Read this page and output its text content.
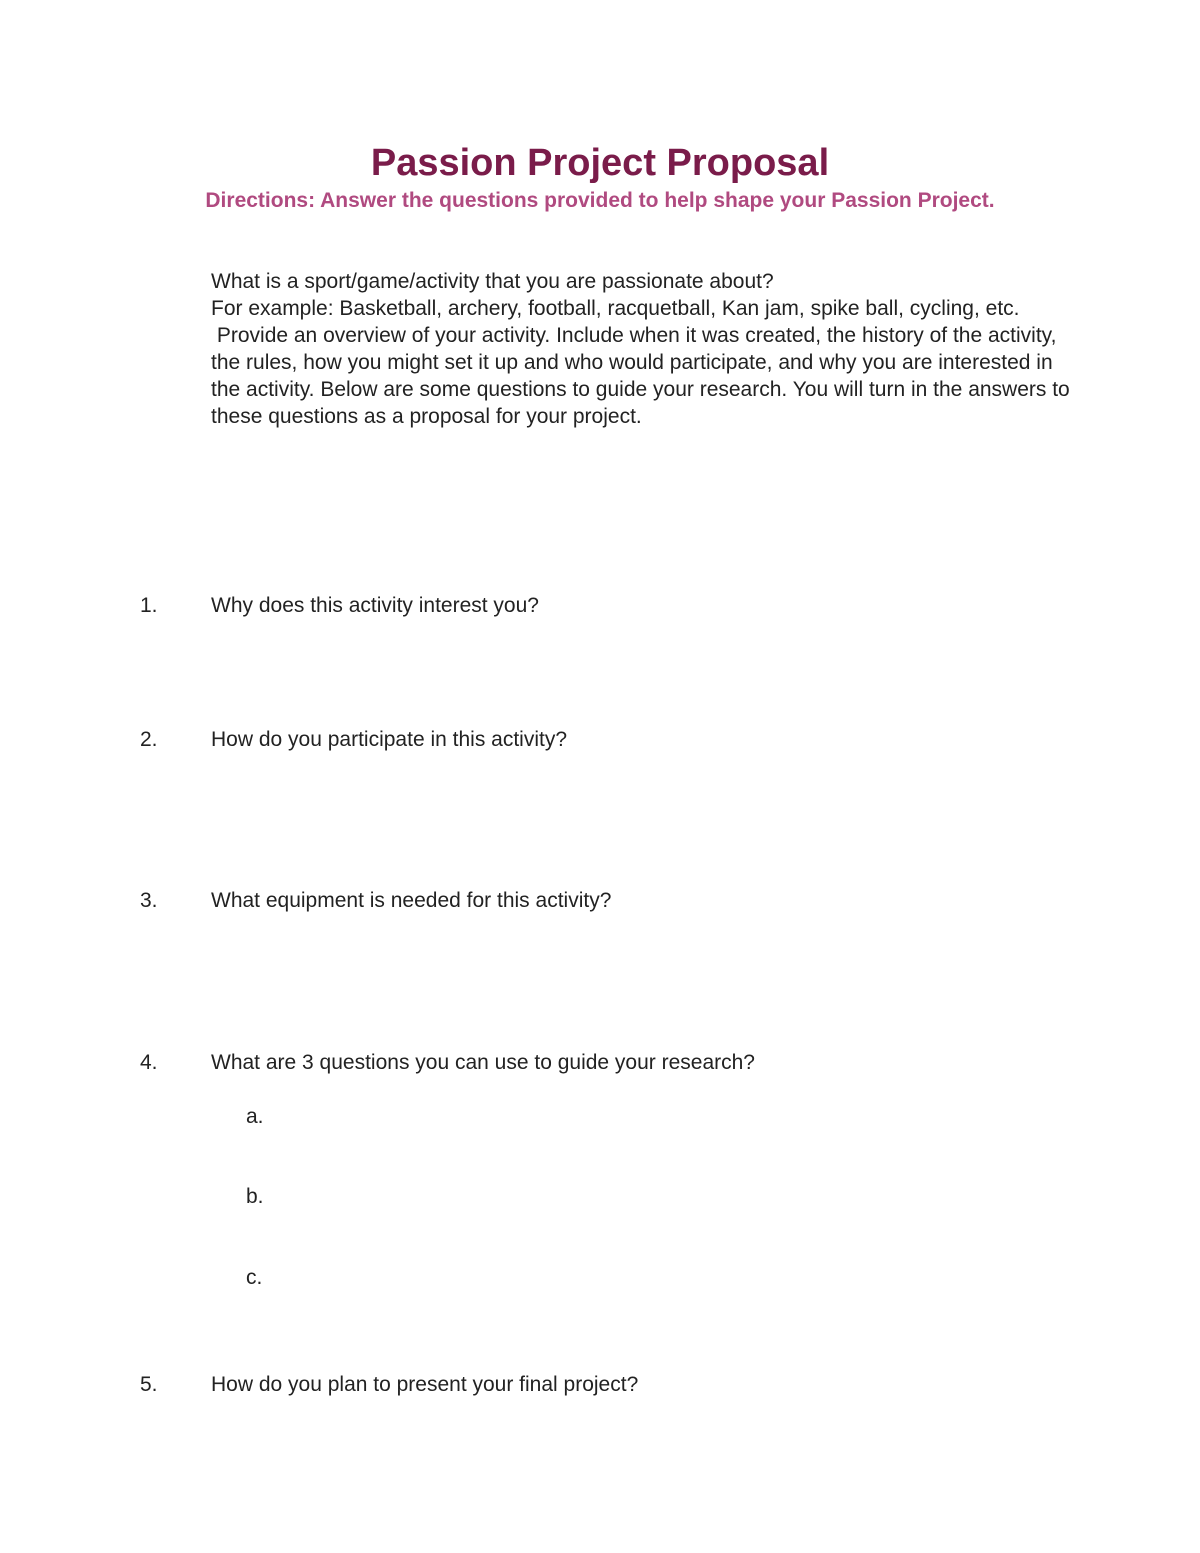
Passion Project Proposal

Directions: Answer the questions provided to help shape your Passion Project.

What is a sport/game/activity that you are passionate about?

For example: Basketball, archery, football, racquetball, Kan jam, spike ball, cycling, etc.

Provide an overview of your activity. Include when it was created, the history of the activity, the rules, how you might set it up and who would participate, and why you are interested in the activity. Below are some questions to guide your research. You will turn in the answers to these questions as a proposal for your project.

1.	Why does this activity interest you?
2.	How do you participate in this activity?
3.	What equipment is needed for this activity?
4.	What are 3 questions you can use to guide your research?
a.
b.
c.
5.	How do you plan to present your final project?
